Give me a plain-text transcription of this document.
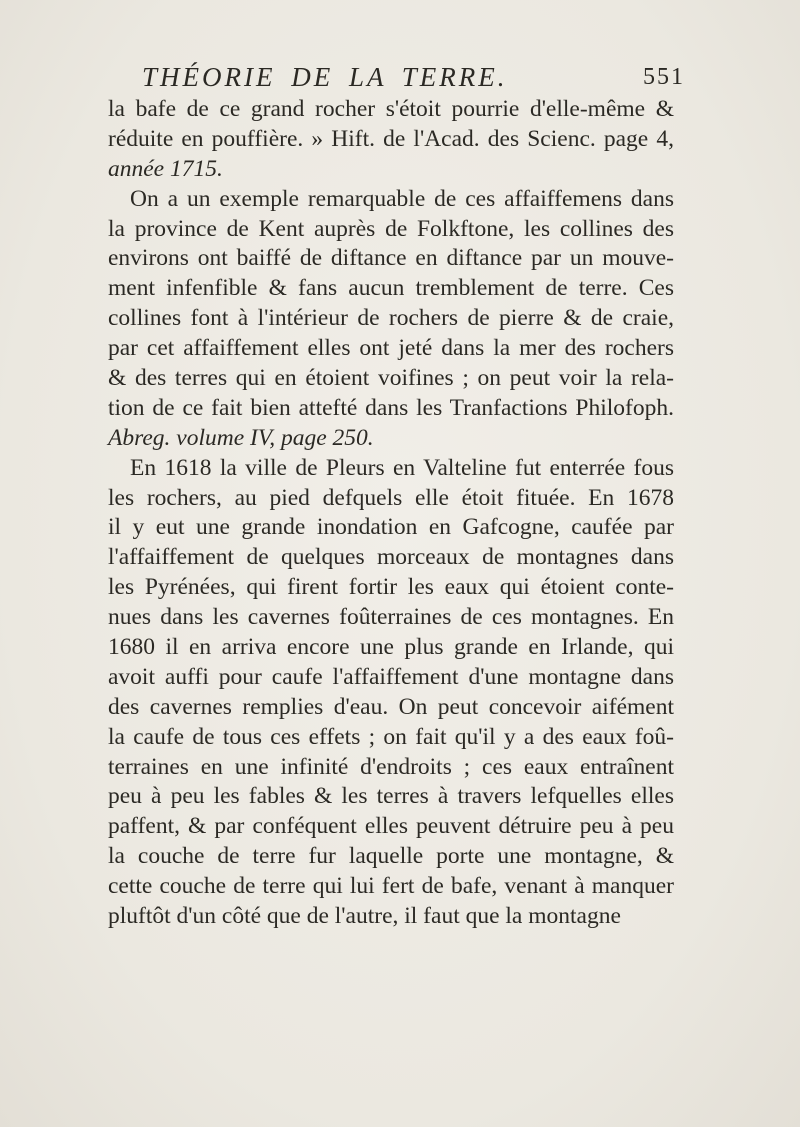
THÉORIE DE LA TERRE.	551
la bafe de ce grand rocher s'étoit pourrie d'elle-même &
réduite en pouffière. » Hift. de l'Acad. des Scienc. page 4,
année 1715.
On a un exemple remarquable de ces affaiffemens dans
la province de Kent auprès de Folkftone, les collines des
environs ont baiffé de diftance en diftance par un mouve-
ment infenfible & fans aucun tremblement de terre. Ces
collines font à l'intérieur de rochers de pierre & de craie,
par cet affaiffement elles ont jeté dans la mer des rochers
& des terres qui en étoient voifines ; on peut voir la rela-
tion de ce fait bien attefté dans les Tranfactions Philofoph.
Abreg. volume IV, page 250.
En 1618 la ville de Pleurs en Valteline fut enterrée fous
les rochers, au pied defquels elle étoit fituée. En 1678
il y eut une grande inondation en Gafcogne, caufée par
l'affaiffement de quelques morceaux de montagnes dans
les Pyrénées, qui firent fortir les eaux qui étoient conte-
nues dans les cavernes foûterraines de ces montagnes. En
1680 il en arriva encore une plus grande en Irlande, qui
avoit auffi pour caufe l'affaiffement d'une montagne dans
des cavernes remplies d'eau. On peut concevoir aifément
la caufe de tous ces effets ; on fait qu'il y a des eaux foû-
terraines en une infinité d'endroits ; ces eaux entraînent
peu à peu les fables & les terres à travers lefquelles elles
paffent, & par conféquent elles peuvent détruire peu à peu
la couche de terre fur laquelle porte une montagne, &
cette couche de terre qui lui fert de bafe, venant à manquer
pluftôt d'un côté que de l'autre, il faut que la montagne
